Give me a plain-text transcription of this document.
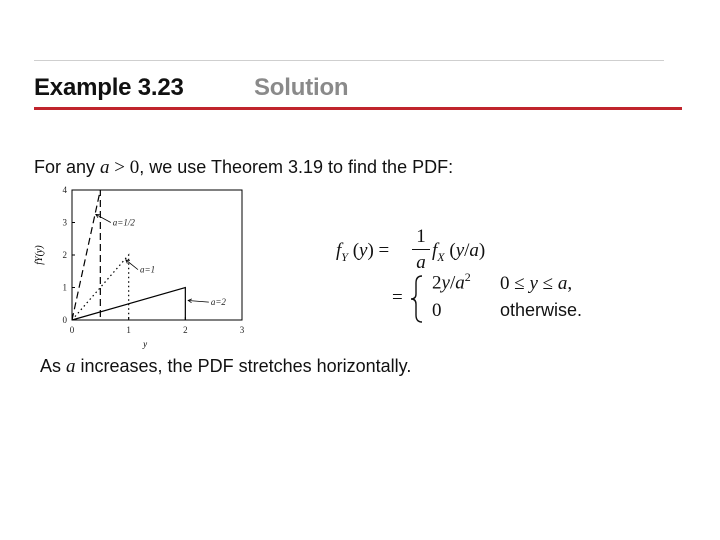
Example 3.23	Solution
For any a > 0, we use Theorem 3.19 to find the PDF:
0	1	2	3
0
1
2
3
4
y
fY(y)
a=1/2
a=1
a=2
$f_Y$ (y) =
1
a
$f_X$ (y/a)
=
$2y/a^2$ 0 ≤ y ≤ a,
0	otherwise.
As a increases, the PDF stretches horizontally.
